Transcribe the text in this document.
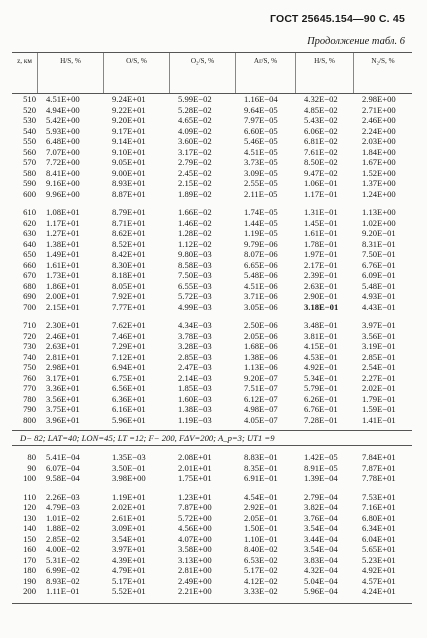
ГОСТ 25645.154—90 С. 45
Продолжение табл. 6
z, км	H/S, %	O/S, %	O₂/S, %	Ar/S, %	H/S, %	N₂/S, %
510	4.51E+00	9.24E+01	5.99E−02	1.16E−04	4.32E−02	2.98E+00
520	4.94E+00	9.22E+01	5.28E−02	9.64E−05	4.85E−02	2.71E+00
530	5.42E+00	9.20E+01	4.65E−02	7.97E−05	5.43E−02	2.46E+00
540	5.93E+00	9.17E+01	4.09E−02	6.60E−05	6.06E−02	2.24E+00
550	6.48E+00	9.14E+01	3.60E−02	5.46E−05	6.81E−02	2.03E+00
560	7.07E+00	9.10E+01	3.17E−02	4.51E−05	7.61E−02	1.84E+00
570	7.72E+00	9.05E+01	2.79E−02	3.73E−05	8.50E−02	1.67E+00
580	8.41E+00	9.00E+01	2.45E−02	3.09E−05	9.47E−02	1.52E+00
590	9.16E+00	8.93E+01	2.15E−02	2.55E−05	1.06E−01	1.37E+00
600	9.96E+00	8.87E+01	1.89E−02	2.11E−05	1.17E−01	1.24E+00
610	1.08E+01	8.79E+01	1.66E−02	1.74E−05	1.31E−01	1.13E+00
620	1.17E+01	8.71E+01	1.46E−02	1.44E−05	1.45E−01	1.02E+00
630	1.27E+01	8.62E+01	1.28E−02	1.19E−05	1.61E−01	9.20E−01
640	1.38E+01	8.52E+01	1.12E−02	9.79E−06	1.78E−01	8.31E−01
650	1.49E+01	8.42E+01	9.80E−03	8.07E−06	1.97E−01	7.50E−01
660	1.61E+01	8.30E+01	8.58E−03	6.65E−06	2.17E−01	6.76E−01
670	1.73E+01	8.18E+01	7.50E−03	5.48E−06	2.39E−01	6.09E−01
680	1.86E+01	8.05E+01	6.55E−03	4.51E−06	2.63E−01	5.48E−01
690	2.00E+01	7.92E+01	5.72E−03	3.71E−06	2.90E−01	4.93E−01
700	2.15E+01	7.77E+01	4.99E−03	3.05E−06	3.18E−01	4.43E−01
710	2.30E+01	7.62E+01	4.34E−03	2.50E−06	3.48E−01	3.97E−01
720	2.46E+01	7.46E+01	3.78E−03	2.05E−06	3.81E−01	3.56E−01
730	2.63E+01	7.29E+01	3.28E−03	1.68E−06	4.15E−01	3.19E−01
740	2.81E+01	7.12E+01	2.85E−03	1.38E−06	4.53E−01	2.85E−01
750	2.98E+01	6.94E+01	2.47E−03	1.13E−06	4.92E−01	2.54E−01
760	3.17E+01	6.75E+01	2.14E−03	9.20E−07	5.34E−01	2.27E−01
770	3.36E+01	6.56E+01	1.85E−03	7.51E−07	5.79E−01	2.02E−01
780	3.56E+01	6.36E+01	1.60E−03	6.12E−07	6.26E−01	1.79E−01
790	3.75E+01	6.16E+01	1.38E−03	4.98E−07	6.76E−01	1.59E−01
800	3.96E+01	5.96E+01	1.19E−03	4.05E−07	7.28E−01	1.41E−01
D− 82; LAT=40; LON=45; LT =12; F− 200, FΔV=200; A_p=3; UT1 =9
80	5.41E−04	1.35E−03	2.08E+01	8.83E−01	1.42E−05	7.84E+01
90	6.07E−04	3.50E−01	2.01E+01	8.35E−01	8.91E−05	7.87E+01
100	9.58E−04	3.98E+00	1.75E+01	6.91E−01	1.39E−04	7.78E+01
110	2.26E−03	1.19E+01	1.23E+01	4.54E−01	2.79E−04	7.53E+01
120	4.79E−03	2.02E+01	7.87E+00	2.92E−01	3.82E−04	7.16E+01
130	1.01E−02	2.61E+01	5.72E+00	2.05E−01	3.76E−04	6.80E+01
140	1.88E−02	3.09E+01	4.56E+00	1.50E−01	3.54E−04	6.34E+01
150	2.85E−02	3.54E+01	4.07E+00	1.10E−01	3.44E−04	6.04E+01
160	4.00E−02	3.97E+01	3.58E+00	8.40E−02	3.54E−04	5.65E+01
170	5.31E−02	4.39E+01	3.13E+00	6.53E−02	3.83E−04	5.23E+01
180	6.99E−02	4.79E+01	2.81E+00	5.17E−02	4.32E−04	4.92E+01
190	8.93E−02	5.17E+01	2.49E+00	4.12E−02	5.04E−04	4.57E+01
200	1.11E−01	5.52E+01	2.21E+00	3.33E−02	5.96E−04	4.24E+01
